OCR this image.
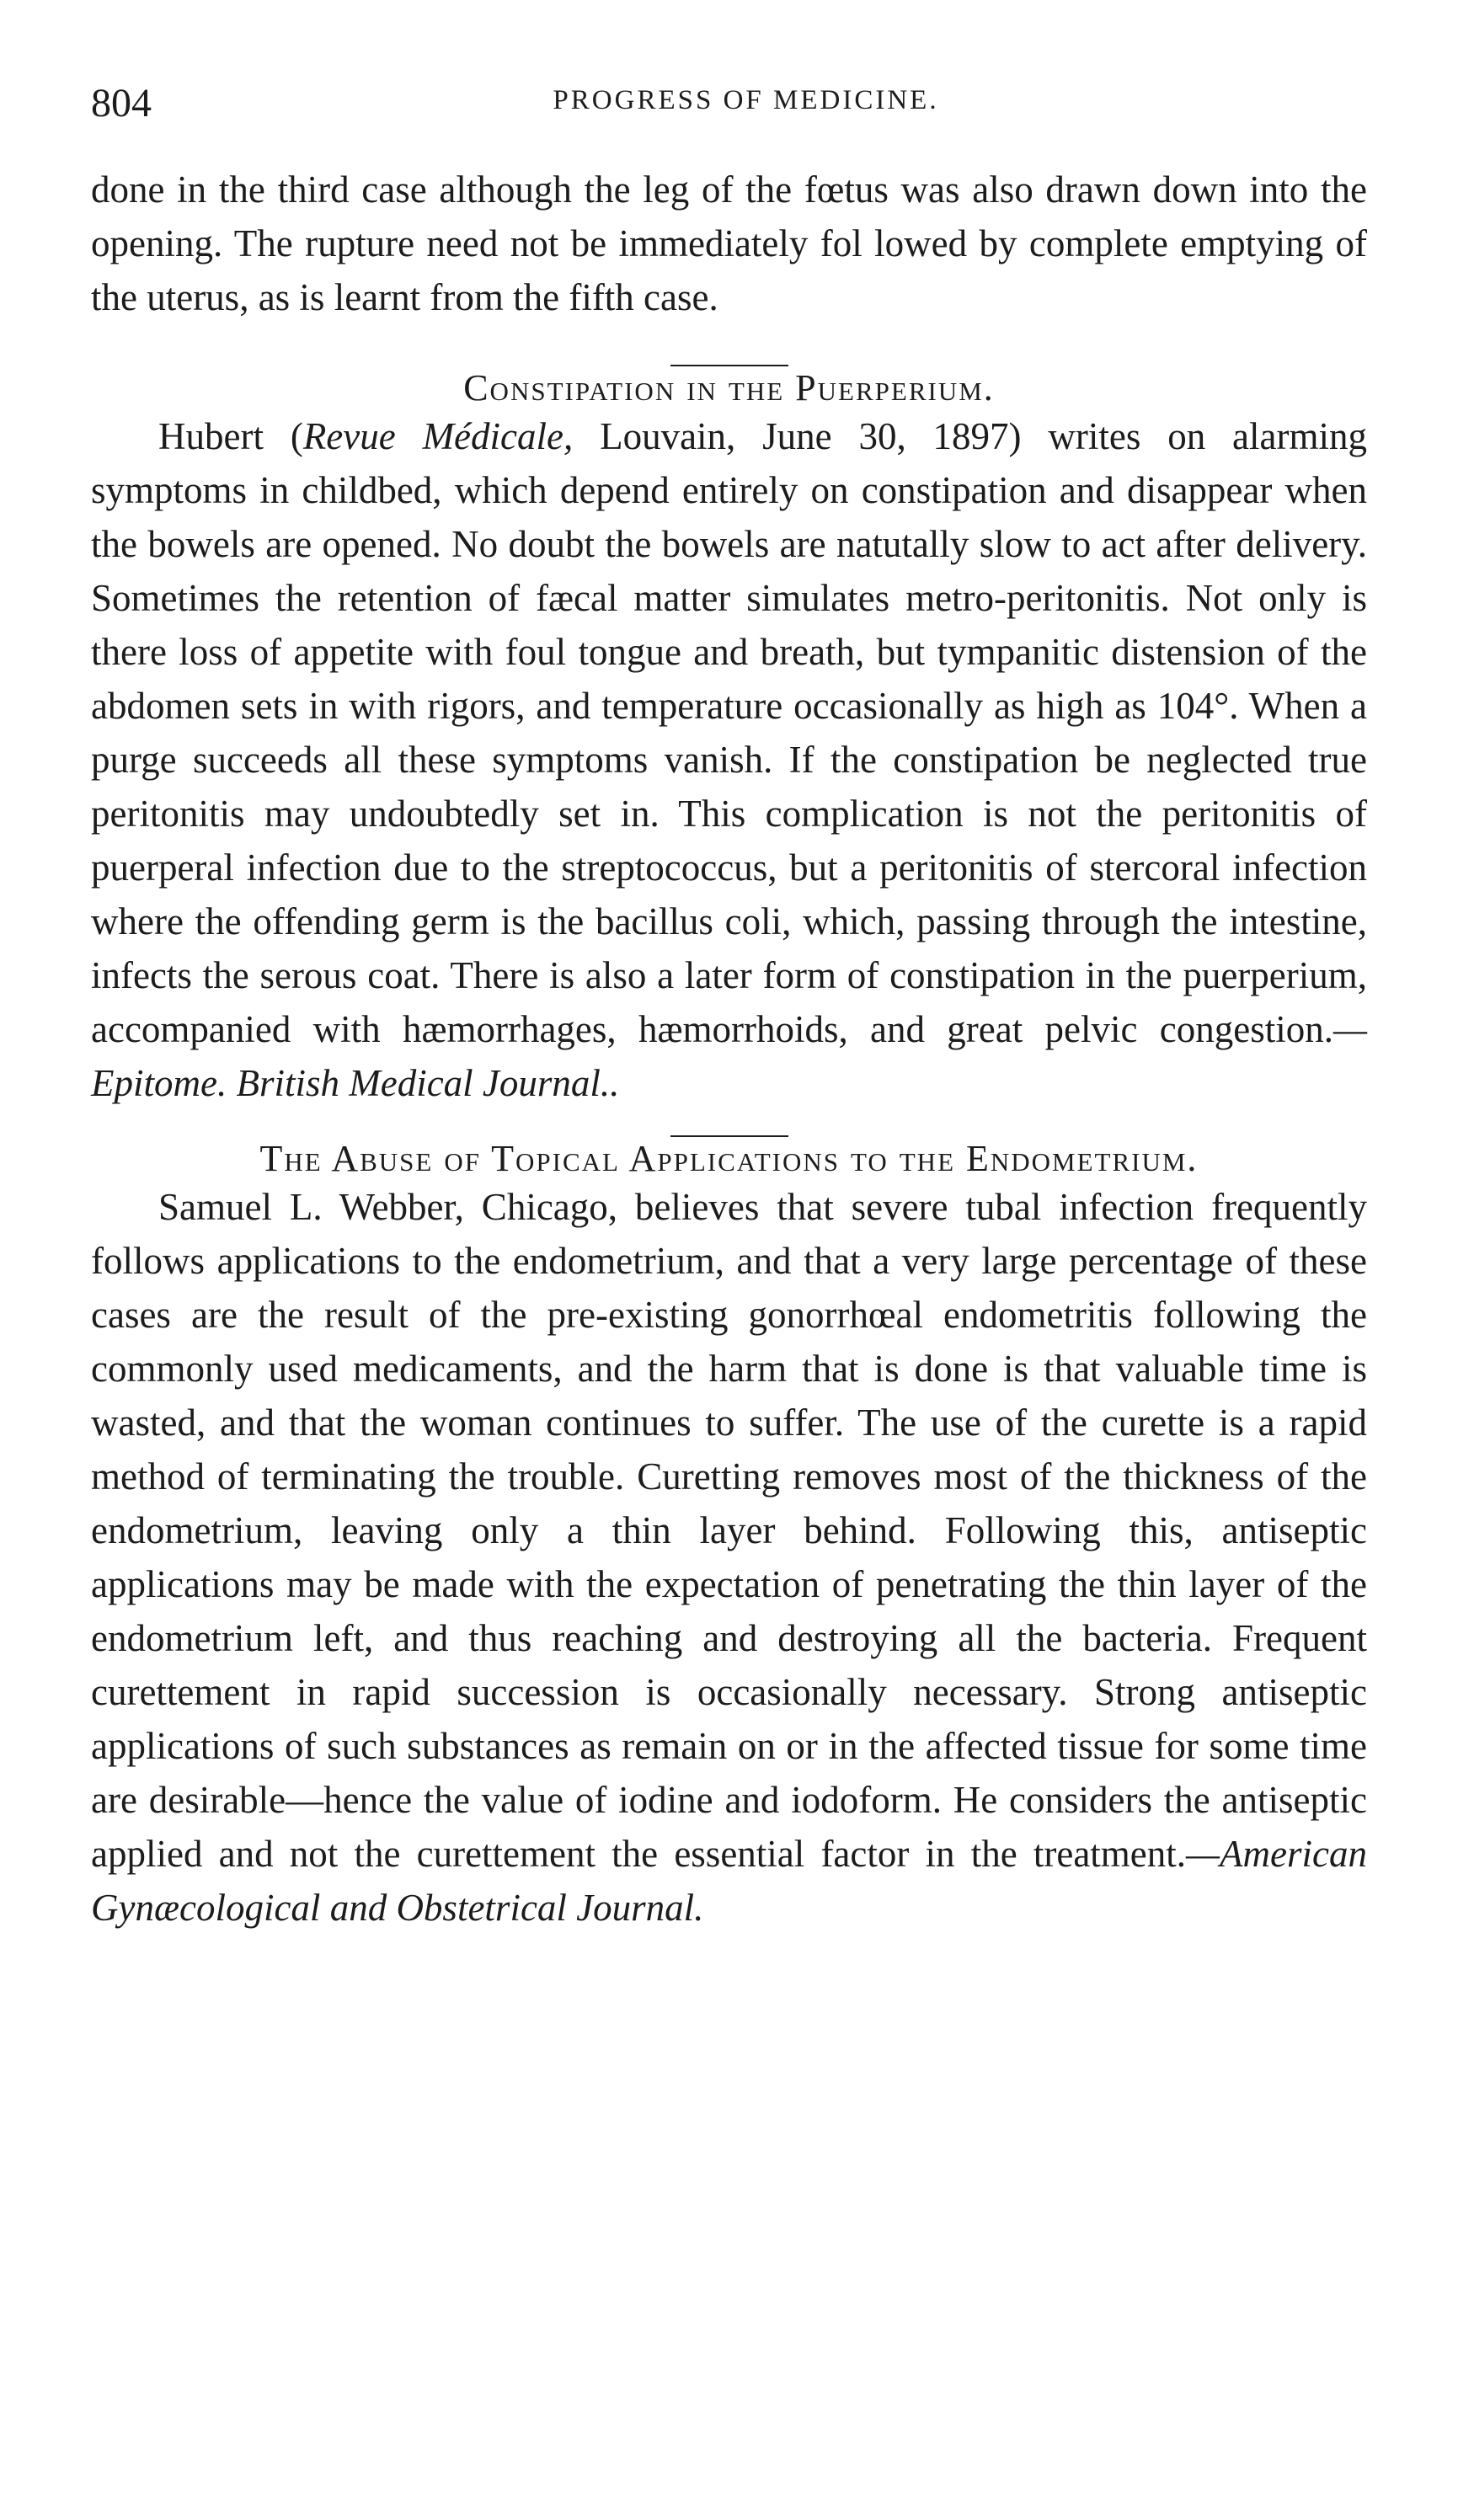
804	PROGRESS OF MEDICINE.

done in the third case although the leg of the fœtus was also drawn down into the opening. The rupture need not be immediately fol lowed by complete emptying of the uterus, as is learnt from the fifth case.

Constipation in the Puerperium.

Hubert (Revue Médicale, Louvain, June 30, 1897) writes on alarming symptoms in childbed, which depend entirely on constipation and disappear when the bowels are opened. No doubt the bowels are natutally slow to act after delivery. Sometimes the retention of fæcal matter simulates metro-peritonitis. Not only is there loss of appetite with foul tongue and breath, but tympanitic distension of the abdomen sets in with rigors, and temperature occasionally as high as 104°. When a purge succeeds all these symptoms vanish. If the constipation be neglected true peritonitis may undoubtedly set in. This complication is not the peritonitis of puerperal infection due to the streptococcus, but a peritonitis of stercoral infection where the offending germ is the bacillus coli, which, passing through the intestine, infects the serous coat. There is also a later form of constipation in the puerperium, accompanied with hæmorrhages, hæmorrhoids, and great pelvic congestion.—Epitome. British Medical Journal..

The Abuse of Topical Applications to the Endometrium.

Samuel L. Webber, Chicago, believes that severe tubal infection frequently follows applications to the endometrium, and that a very large percentage of these cases are the result of the pre-existing gonorrhœal endometritis following the commonly used medicaments, and the harm that is done is that valuable time is wasted, and that the woman continues to suffer. The use of the curette is a rapid method of terminating the trouble. Curetting removes most of the thickness of the endometrium, leaving only a thin layer behind. Following this, antiseptic applications may be made with the expectation of penetrating the thin layer of the endometrium left, and thus reaching and destroying all the bacteria. Frequent curettement in rapid succession is occasionally necessary. Strong antiseptic applications of such substances as remain on or in the affected tissue for some time are desirable—hence the value of iodine and iodoform. He considers the antiseptic applied and not the curettement the essential factor in the treatment.—American Gynæcological and Obstetrical Journal.
